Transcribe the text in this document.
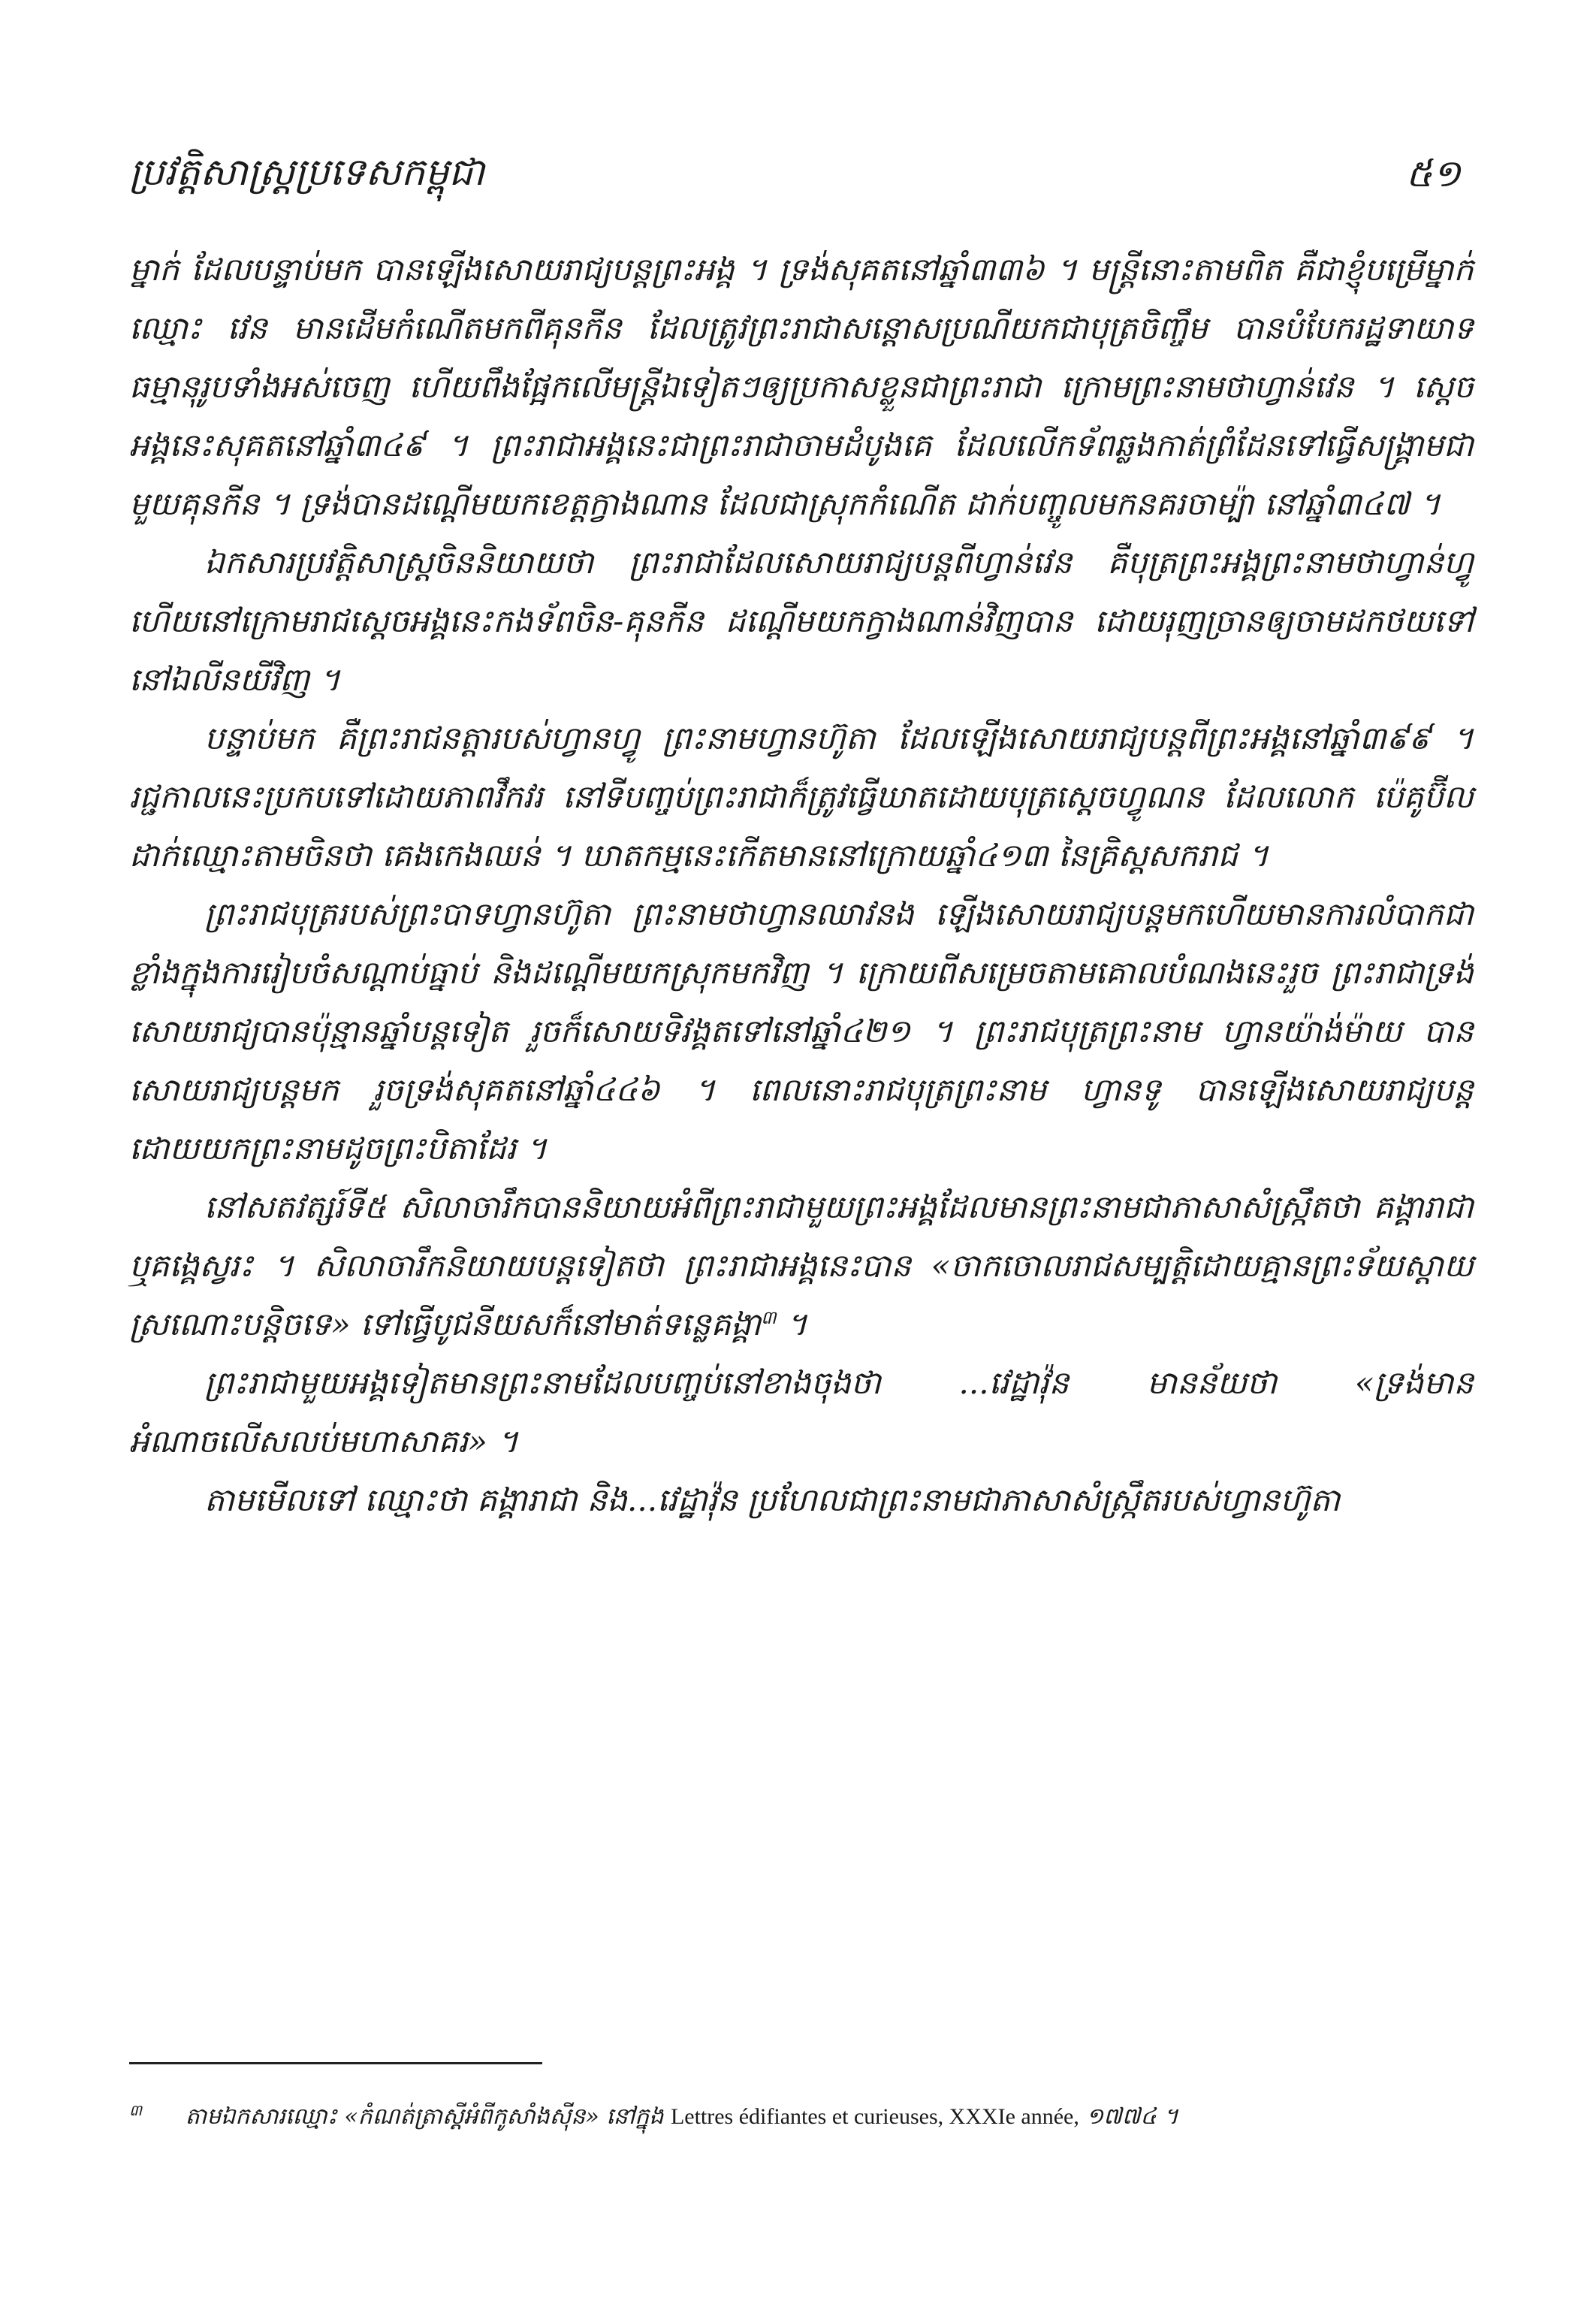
ប្រវត្តិសាស្ត្រប្រទេសកម្ពុជា	៥១

ម្នាក់ ដែលបន្ទាប់មក បានឡើងសោយរាជ្យបន្តព្រះអង្គ ។ ទ្រង់សុគតនៅឆ្នាំ៣៣៦ ។ មន្ត្រីនោះតាមពិត គឺជាខ្ញុំបម្រើម្នាក់ឈ្មោះ វេន មានដើមកំណើតមកពីគុនកីន ដែលត្រូវព្រះរាជាសន្តោសប្រណីយកជាបុត្រចិញ្ចឹម បានបំបែករដ្ឋទាយាទធម្មានុរូបទាំងអស់ចេញ ហើយពឹងផ្អែកលើមន្ត្រីឯទៀតៗឲ្យប្រកាសខ្លួនជាព្រះរាជា ក្រោមព្រះនាមថាហ្វាន់វេន ។ ស្ដេចអង្គនេះសុគតនៅឆ្នាំ៣៤៩ ។ ព្រះរាជាអង្គនេះជាព្រះរាជាចាមដំបូងគេ ដែលលើកទ័ពឆ្លងកាត់ព្រំដែនទៅធ្វើសង្គ្រាមជាមួយគុនកីន ។ ទ្រង់បានដណ្ដើមយកខេត្តក្វាងណាន ដែលជាស្រុកកំណើត ដាក់បញ្ចូលមកនគរចាម្ប៉ា នៅឆ្នាំ៣៤៧ ។

ឯកសារប្រវត្តិសាស្ត្រចិននិយាយថា ព្រះរាជាដែលសោយរាជ្យបន្តពីហ្វាន់វេន គឺបុត្រព្រះអង្គព្រះនាមថាហ្វាន់ហ្វូ ហើយនៅក្រោមរាជស្ដេចអង្គនេះកងទ័ពចិន-គុនកីន ដណ្ដើមយកក្វាងណាន់វិញបាន ដោយរុញច្រានឲ្យចាមដកថយទៅនៅឯលីនយីវិញ ។

បន្ទាប់មក គឺព្រះរាជនត្តារបស់ហ្វានហ្វូ ព្រះនាមហ្វានហ៊ូតា ដែលឡើងសោយរាជ្យបន្តពីព្រះអង្គនៅឆ្នាំ៣៩៩ ។ រជ្ជកាលនេះប្រកបទៅដោយភាពវឹកវរ នៅទីបញ្ចប់ព្រះរាជាក៏ត្រូវធ្វើឃាតដោយបុត្រស្ដេចហ្វូណន ដែលលោក ប៉េគូប៊ីល ដាក់ឈ្មោះតាមចិនថា គេងកេងឈន់ ។ ឃាតកម្មនេះកើតមាននៅក្រោយឆ្នាំ៤១៣ នៃគ្រិស្តសករាជ ។

ព្រះរាជបុត្ររបស់ព្រះបាទហ្វានហ៊ូតា ព្រះនាមថាហ្វានឈាវនង ឡើងសោយរាជ្យបន្តមកហើយមានការលំបាកជាខ្លាំងក្នុងការរៀបចំសណ្ដាប់ធ្នាប់ និងដណ្ដើមយកស្រុកមកវិញ ។ ក្រោយពីសម្រេចតាមគោលបំណងនេះរួច ព្រះរាជាទ្រង់សោយរាជ្យបានប៉ុន្មានឆ្នាំបន្តទៀត រួចក៏សោយទិវង្គតទៅនៅឆ្នាំ៤២១ ។ ព្រះរាជបុត្រព្រះនាម ហ្វានយ៉ាង់ម៉ាយ បានសោយរាជ្យបន្តមក រួចទ្រង់សុគតនៅឆ្នាំ៤៤៦ ។ ពេលនោះរាជបុត្រព្រះនាម ហ្វានទូ បានឡើងសោយរាជ្យបន្ត ដោយយកព្រះនាមដូចព្រះបិតាដែរ ។

នៅសតវត្សរ៍ទី៥ សិលាចារឹកបាននិយាយអំពីព្រះរាជាមួយព្រះអង្គដែលមានព្រះនាមជាភាសាសំស្ក្រឹតថា គង្គារាជា ឬគង្គេស្វរះ ។ សិលាចារឹកនិយាយបន្តទៀតថា ព្រះរាជាអង្គនេះបាន «ចាកចោលរាជសម្បត្តិដោយគ្មានព្រះទ័យស្ដាយស្រណោះបន្តិចទេ» ទៅធ្វើបូជនីយសក៏នៅមាត់ទន្លេគង្គា$^៣$ ។

ព្រះរាជាមួយអង្គទៀតមានព្រះនាមដែលបញ្ចប់នៅខាងចុងថា ...វេដ្ឋាវ៉ុន មានន័យថា «ទ្រង់មានអំណាចលើសលប់មហាសាគរ» ។

តាមមើលទៅ ឈ្មោះថា គង្គារាជា និង...វេដ្ឋាវ៉ុន ប្រហែលជាព្រះនាមជាភាសាសំស្ក្រឹតរបស់ហ្វានហ៊ូតា

$^៣$ តាមឯកសារឈ្មោះ «កំណត់ត្រាស្ដីអំពីកូសាំងស៊ីន» នៅក្នុង Lettres édifiantes et curieuses, XXXIe année, ១៧៧៤ ។
